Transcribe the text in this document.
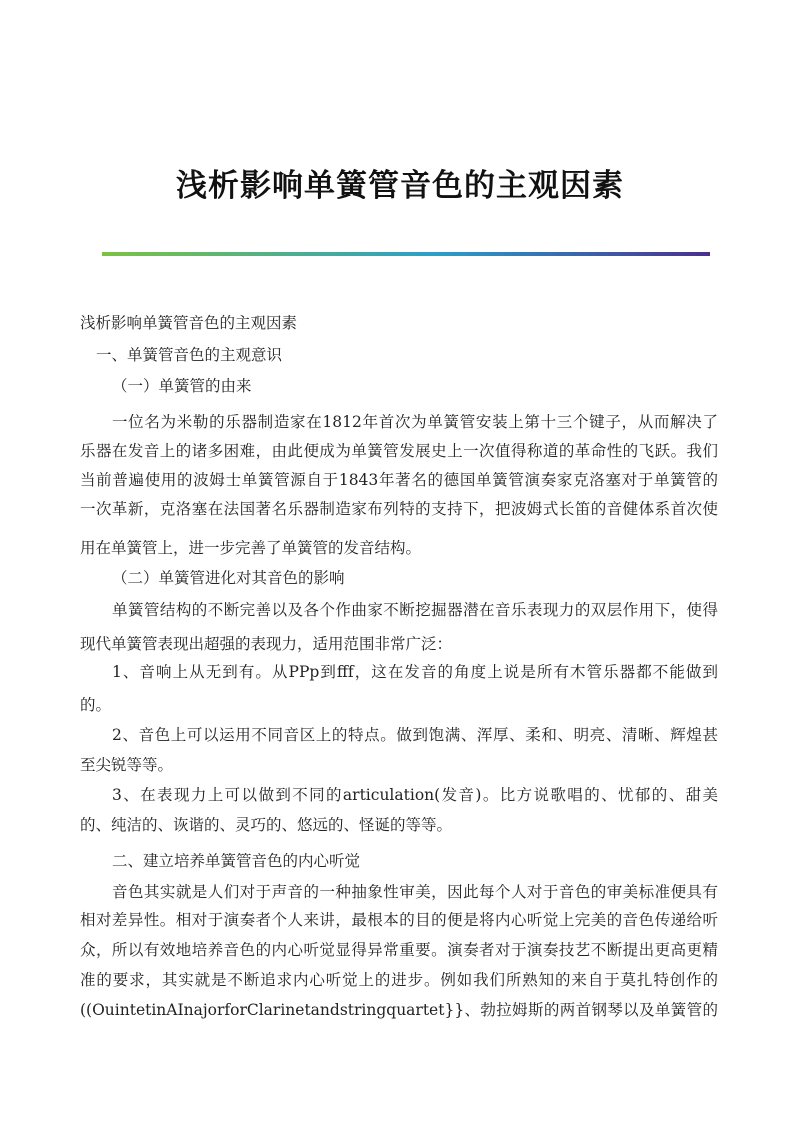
浅析影响单簧管音色的主观因素
浅析影响单簧管音色的主观因素
一、单簧管音色的主观意识
（一）单簧管的由来
一位名为米勒的乐器制造家在1812年首次为单簧管安装上第十三个键子，从而解决了
乐器在发音上的诸多困难，由此便成为单簧管发展史上一次值得称道的革命性的飞跃。我们
当前普遍使用的波姆士单簧管源自于1843年著名的德国单簧管演奏家克洛塞对于单簧管的
一次革新，克洛塞在法国著名乐器制造家布列特的支持下，把波姆式长笛的音健体系首次使
用在单簧管上，进一步完善了单簧管的发音结构。
（二）单簧管进化对其音色的影响
单簧管结构的不断完善以及各个作曲家不断挖掘器潜在音乐表现力的双层作用下，使得
现代单簧管表现出超强的表现力，适用范围非常广泛：
1、音响上从无到有。从PPp到fff，这在发音的角度上说是所有木管乐器都不能做到
的。
2、音色上可以运用不同音区上的特点。做到饱满、浑厚、柔和、明亮、清晰、辉煌甚
至尖锐等等。
3、在表现力上可以做到不同的articulation(发音)。比方说歌唱的、忧郁的、甜美
的、纯洁的、诙谐的、灵巧的、悠远的、怪诞的等等。
二、建立培养单簧管音色的内心听觉
音色其实就是人们对于声音的一种抽象性审美，因此每个人对于音色的审美标准便具有
相对差异性。相对于演奏者个人来讲，最根本的目的便是将内心听觉上完美的音色传递给听
众，所以有效地培养音色的内心听觉显得异常重要。演奏者对于演奏技艺不断提出更高更精
准的要求，其实就是不断追求内心听觉上的进步。例如我们所熟知的来自于莫扎特创作的
((OuintetinAInajorforClarinetandstringquartet}}、勃拉姆斯的两首钢琴以及单簧管的
